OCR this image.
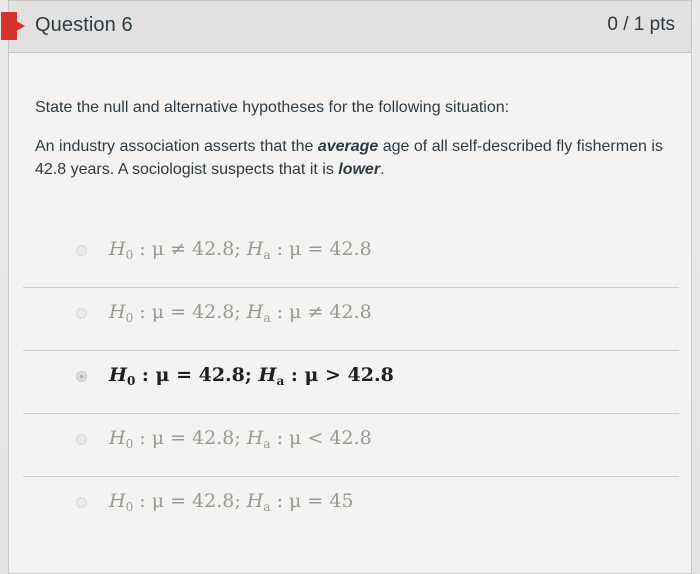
Question 6	0 / 1 pts

State the null and alternative hypotheses for the following situation:

An industry association asserts that the average age of all self-described fly fishermen is 42.8 years. A sociologist suspects that it is lower.

$H_0$ : μ ≠ 42.8; $H_a$ : μ = 42.8
$H_0$ : μ = 42.8; $H_a$ : μ ≠ 42.8
$H_0$ : μ = 42.8; $H_a$ : μ > 42.8
$H_0$ : μ = 42.8; $H_a$ : μ < 42.8
$H_0$ : μ = 42.8; $H_a$ : μ = 45
